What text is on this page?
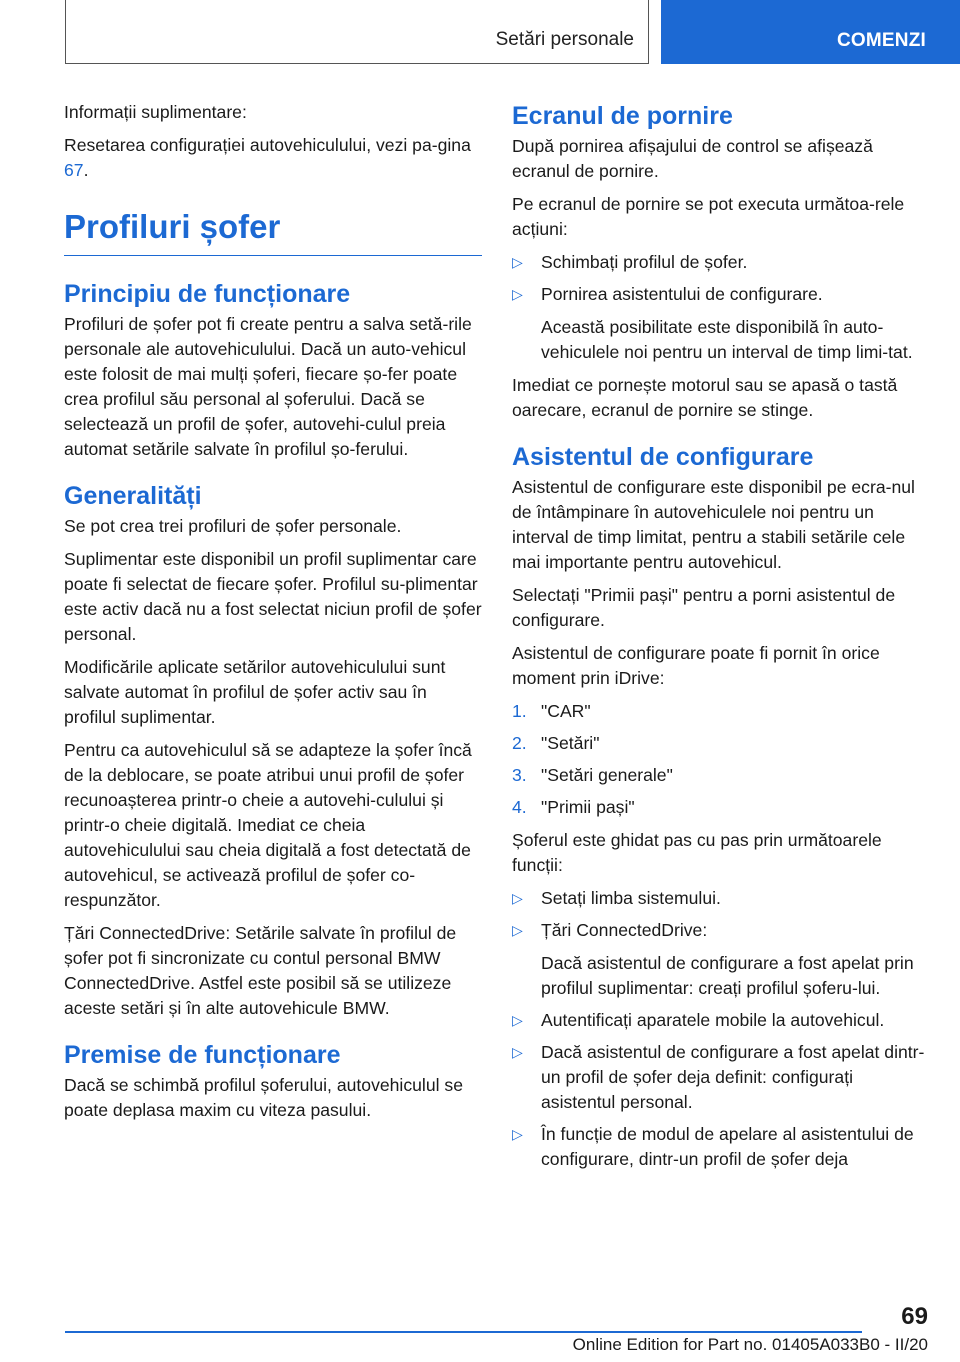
Setări personale	COMENZI

Informații suplimentare:

Resetarea configurației autovehiculului, vezi pa-gina 67.

Profiluri șofer
Principiu de funcționare

Profiluri de șofer pot fi create pentru a salva setă-rile personale ale autovehiculului. Dacă un auto-vehicul este folosit de mai mulți șoferi, fiecare șo-fer poate crea profilul său personal al șoferului. Dacă se selectează un profil de șofer, autovehi-culul preia automat setările salvate în profilul șo-ferului.

Generalități

Se pot crea trei profiluri de șofer personale.

Suplimentar este disponibil un profil suplimentar care poate fi selectat de fiecare șofer. Profilul su-plimentar este activ dacă nu a fost selectat niciun profil de șofer personal.

Modificările aplicate setărilor autovehiculului sunt salvate automat în profilul de șofer activ sau în profilul suplimentar.

Pentru ca autovehiculul să se adapteze la șofer încă de la deblocare, se poate atribui unui profil de șofer recunoașterea printr-o cheie a autovehi-culului și printr-o cheie digitală. Imediat ce cheia autovehiculului sau cheia digitală a fost detectată de autovehicul, se activează profilul de șofer co-respunzător.

Țări ConnectedDrive: Setările salvate în profilul de șofer pot fi sincronizate cu contul personal BMW ConnectedDrive. Astfel este posibil să se utilizeze aceste setări și în alte autovehicule BMW.

Premise de funcționare

Dacă se schimbă profilul șoferului, autovehiculul se poate deplasa maxim cu viteza pasului.

Ecranul de pornire

După pornirea afișajului de control se afișează ecranul de pornire.

Pe ecranul de pornire se pot executa următoa-rele acțiuni:

▷ Schimbați profilul de șofer.
▷ Pornirea asistentului de configurare.
Această posibilitate este disponibilă în auto-vehiculele noi pentru un interval de timp limi-tat.

Imediat ce pornește motorul sau se apasă o tastă oarecare, ecranul de pornire se stinge.

Asistentul de configurare

Asistentul de configurare este disponibil pe ecra-nul de întâmpinare în autovehiculele noi pentru un interval de timp limitat, pentru a stabili setările cele mai importante pentru autovehicul.

Selectați "Primii pași" pentru a porni asistentul de configurare.

Asistentul de configurare poate fi pornit în orice moment prin iDrive:

1. "CAR"
2. "Setări"
3. "Setări generale"
4. "Primii pași"

Șoferul este ghidat pas cu pas prin următoarele funcții:

▷ Setați limba sistemului.
▷ Țări ConnectedDrive:
Dacă asistentul de configurare a fost apelat prin profilul suplimentar: creați profilul șoferu-lui.
▷ Autentificați aparatele mobile la autovehicul.
▷ Dacă asistentul de configurare a fost apelat dintr-un profil de șofer deja definit: configurați asistentul personal.
▷ În funcție de modul de apelare al asistentului de configurare, dintr-un profil de șofer deja
69
Online Edition for Part no. 01405A033B0 - II/20
